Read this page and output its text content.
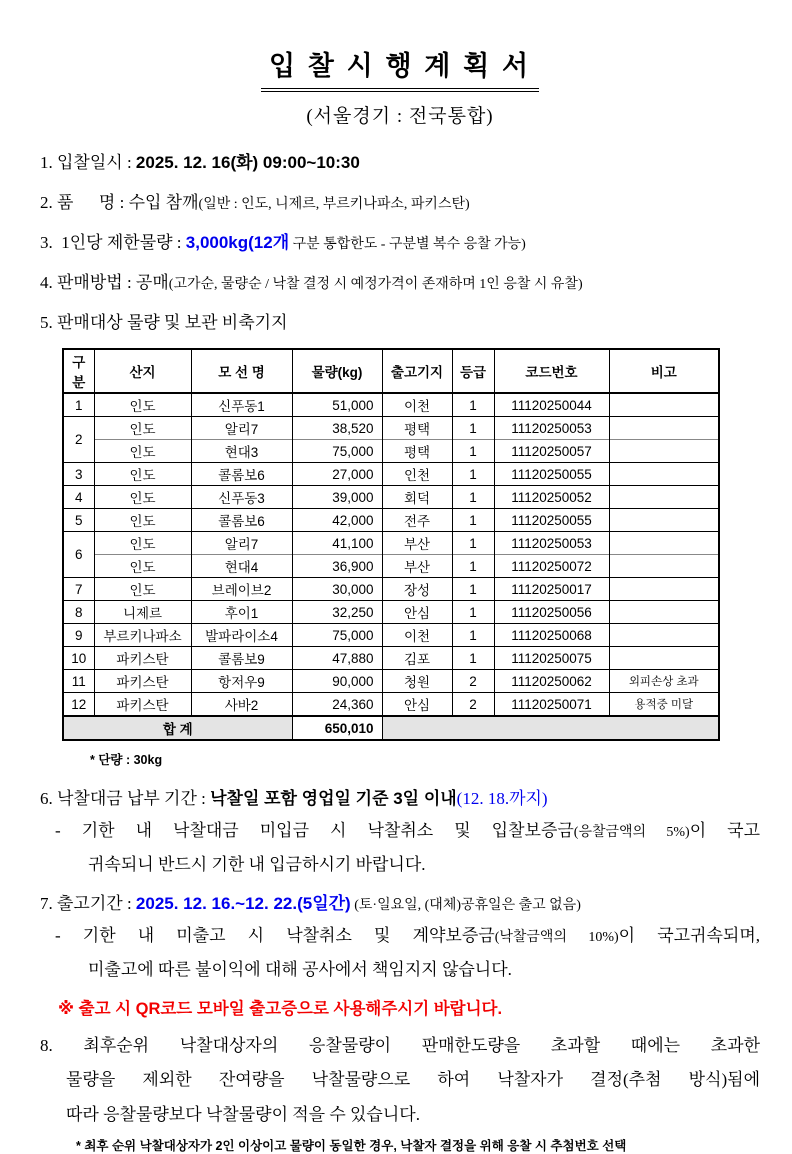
입 찰 시 행 계 획 서
(서울경기 : 전국통합)
1. 입찰일시 : 2025. 12. 16(화) 09:00~10:30
2. 품      명 : 수입 참깨(일반 : 인도, 니제르, 부르키나파소, 파키스탄)
3.  1인당 제한물량 : 3,000kg(12개 구분 통합한도 - 구분별 복수 응찰 가능)
4. 판매방법 : 공매(고가순, 물량순 / 낙찰 결정 시 예정가격이 존재하며 1인 응찰 시 유찰)
5. 판매대상 물량 및 보관 비축기지
구분	산지	모 선 명	물량(kg)	출고기지	등급	코드번호	비고
1	인도	신푸동1	51,000	이천	1	11120250044	
2	인도	알리7	38,520	평택	1	11120250053	
	인도	현대3	75,000	평택	1	11120250057	
3	인도	콜롬보6	27,000	인천	1	11120250055	
4	인도	신푸동3	39,000	회덕	1	11120250052	
5	인도	콜롬보6	42,000	전주	1	11120250055	
6	인도	알리7	41,100	부산	1	11120250053	
	인도	현대4	36,900	부산	1	11120250072	
7	인도	브레이브2	30,000	장성	1	11120250017	
8	니제르	후이1	32,250	안심	1	11120250056	
9	부르키나파소	발파라이소4	75,000	이천	1	11120250068	
10	파키스탄	콜롬보9	47,880	김포	1	11120250075	
11	파키스탄	항저우9	90,000	청원	2	11120250062	외피손상 초과
12	파키스탄	사바2	24,360	안심	2	11120250071	용적중 미달
합 계			650,010				
* 단량 : 30kg
6. 낙찰대금 납부 기간 : 낙찰일 포함 영업일 기준 3일 이내(12. 18.까지)
- 기한 내 낙찰대금 미입금 시 낙찰취소 및 입찰보증금(응찰금액의 5%)이 국고
귀속되니 반드시 기한 내 입금하시기 바랍니다.
7. 출고기간 : 2025. 12. 16.~12. 22.(5일간) (토·일요일, (대체)공휴일은 출고 없음)
- 기한 내 미출고 시 낙찰취소 및 계약보증금(낙찰금액의 10%)이 국고귀속되며,
미출고에 따른 불이익에 대해 공사에서 책임지지 않습니다.
※ 출고 시 QR코드 모바일 출고증으로 사용해주시기 바랍니다.
8. 최후순위 낙찰대상자의 응찰물량이 판매한도량을 초과할 때에는 초과한
물량을 제외한 잔여량을 낙찰물량으로 하여 낙찰자가 결정(추첨 방식)됨에
따라 응찰물량보다 낙찰물량이 적을 수 있습니다.
* 최후 순위 낙찰대상자가 2인 이상이고 물량이 동일한 경우, 낙찰자 결정을 위해 응찰 시 추첨번호 선택
